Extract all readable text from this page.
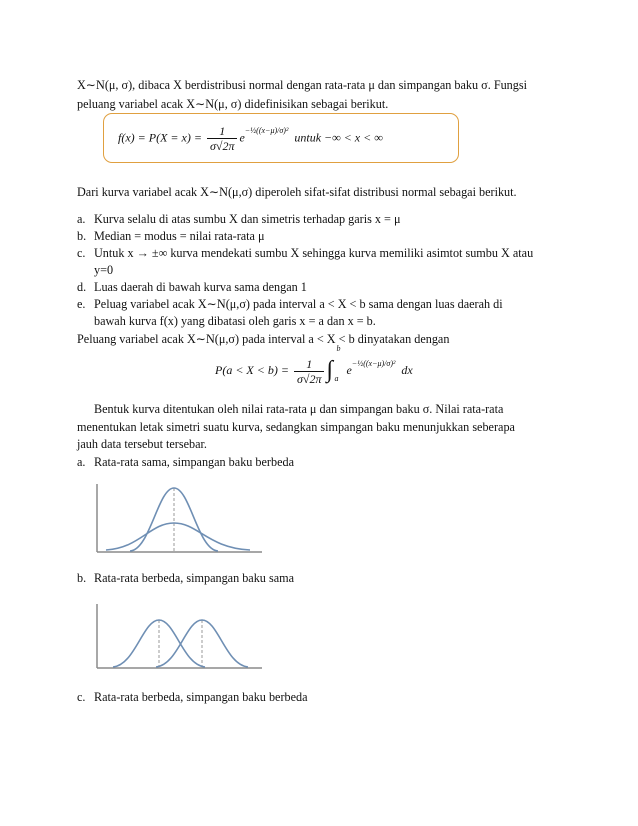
X∼N(μ, σ), dibaca X berdistribusi normal dengan rata-rata μ dan simpangan baku σ. Fungsi
peluang variabel acak X∼N(μ, σ) didefinisikan sebagai berikut.
$f(x) = P(X = x) = \frac{1}{\sigma√2\pi} e^{-\frac{1}{2}((x-\mu)/\sigma)^2}$ untuk −∞ < x < ∞
Dari kurva variabel acak X∼N(μ,σ) diperoleh sifat-sifat distribusi normal sebagai berikut.
a. Kurva selalu di atas sumbu X dan simetris terhadap garis x = μ
b. Median = modus = nilai rata-rata μ
c. Untuk x → ±∞ kurva mendekati sumbu X sehingga kurva memiliki asimtot sumbu X atau
y=0
d. Luas daerah di bawah kurva sama dengan 1
e. Peluag variabel acak X∼N(μ,σ) pada interval a < X < b sama dengan luas daerah di
bawah kurva f(x) yang dibatasi oleh garis x = a dan x = b.
Peluang variabel acak X∼N(μ,σ) pada interval a < X < b dinyatakan dengan
$P(a < X < b) = \frac{1}{\sigma√2\pi}$ ∫
b
a
$e^{-\frac{1}{2}((x-\mu)/\sigma)^2}$ dx
Bentuk kurva ditentukan oleh nilai rata-rata μ dan simpangan baku σ. Nilai rata-rata
menentukan letak simetri suatu kurva, sedangkan simpangan baku menunjukkan seberapa
jauh data tersebut tersebar.
a. Rata-rata sama, simpangan baku berbeda
b. Rata-rata berbeda, simpangan baku sama
c. Rata-rata berbeda, simpangan baku berbeda
